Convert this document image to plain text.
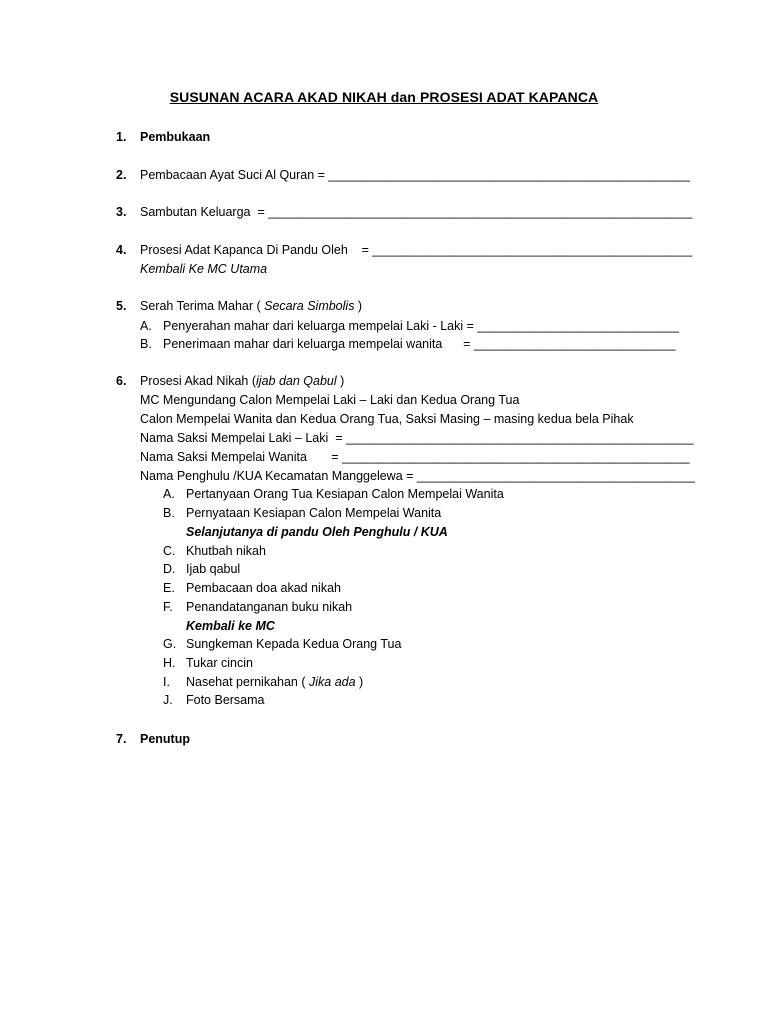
SUSUNAN ACARA AKAD NIKAH dan PROSESI ADAT KAPANCA
1. Pembukaan
2. Pembacaan Ayat Suci Al Quran = ____________________________________________________
3. Sambutan Keluarga  = _____________________________________________________________
4. Prosesi Adat Kapanca Di Pandu Oleh    = ______________________________________________
Kembali Ke MC Utama
5. Serah Terima Mahar ( Secara Simbolis )
A. Penyerahan mahar dari keluarga mempelai Laki - Laki = _____________________________
B. Penerimaan mahar dari keluarga mempelai wanita      = _____________________________
6. Prosesi Akad Nikah (ijab dan Qabul )
MC Mengundang Calon Mempelai Laki – Laki dan Kedua Orang Tua
Calon Mempelai Wanita dan Kedua Orang Tua, Saksi Masing – masing kedua bela Pihak
Nama Saksi Mempelai Laki – Laki  = __________________________________________________
Nama Saksi Mempelai Wanita       = __________________________________________________
Nama Penghulu /KUA Kecamatan Manggelewa = ________________________________________
A. Pertanyaan Orang Tua Kesiapan Calon Mempelai Wanita
B. Pernyataan Kesiapan Calon Mempelai Wanita
Selanjutanya di pandu Oleh Penghulu / KUA
C. Khutbah nikah
D. Ijab qabul
E. Pembacaan doa akad nikah
F. Penandatanganan buku nikah
Kembali ke MC
G. Sungkeman Kepada Kedua Orang Tua
H. Tukar cincin
I. Nasehat pernikahan ( Jika ada )
J. Foto Bersama
7. Penutup
